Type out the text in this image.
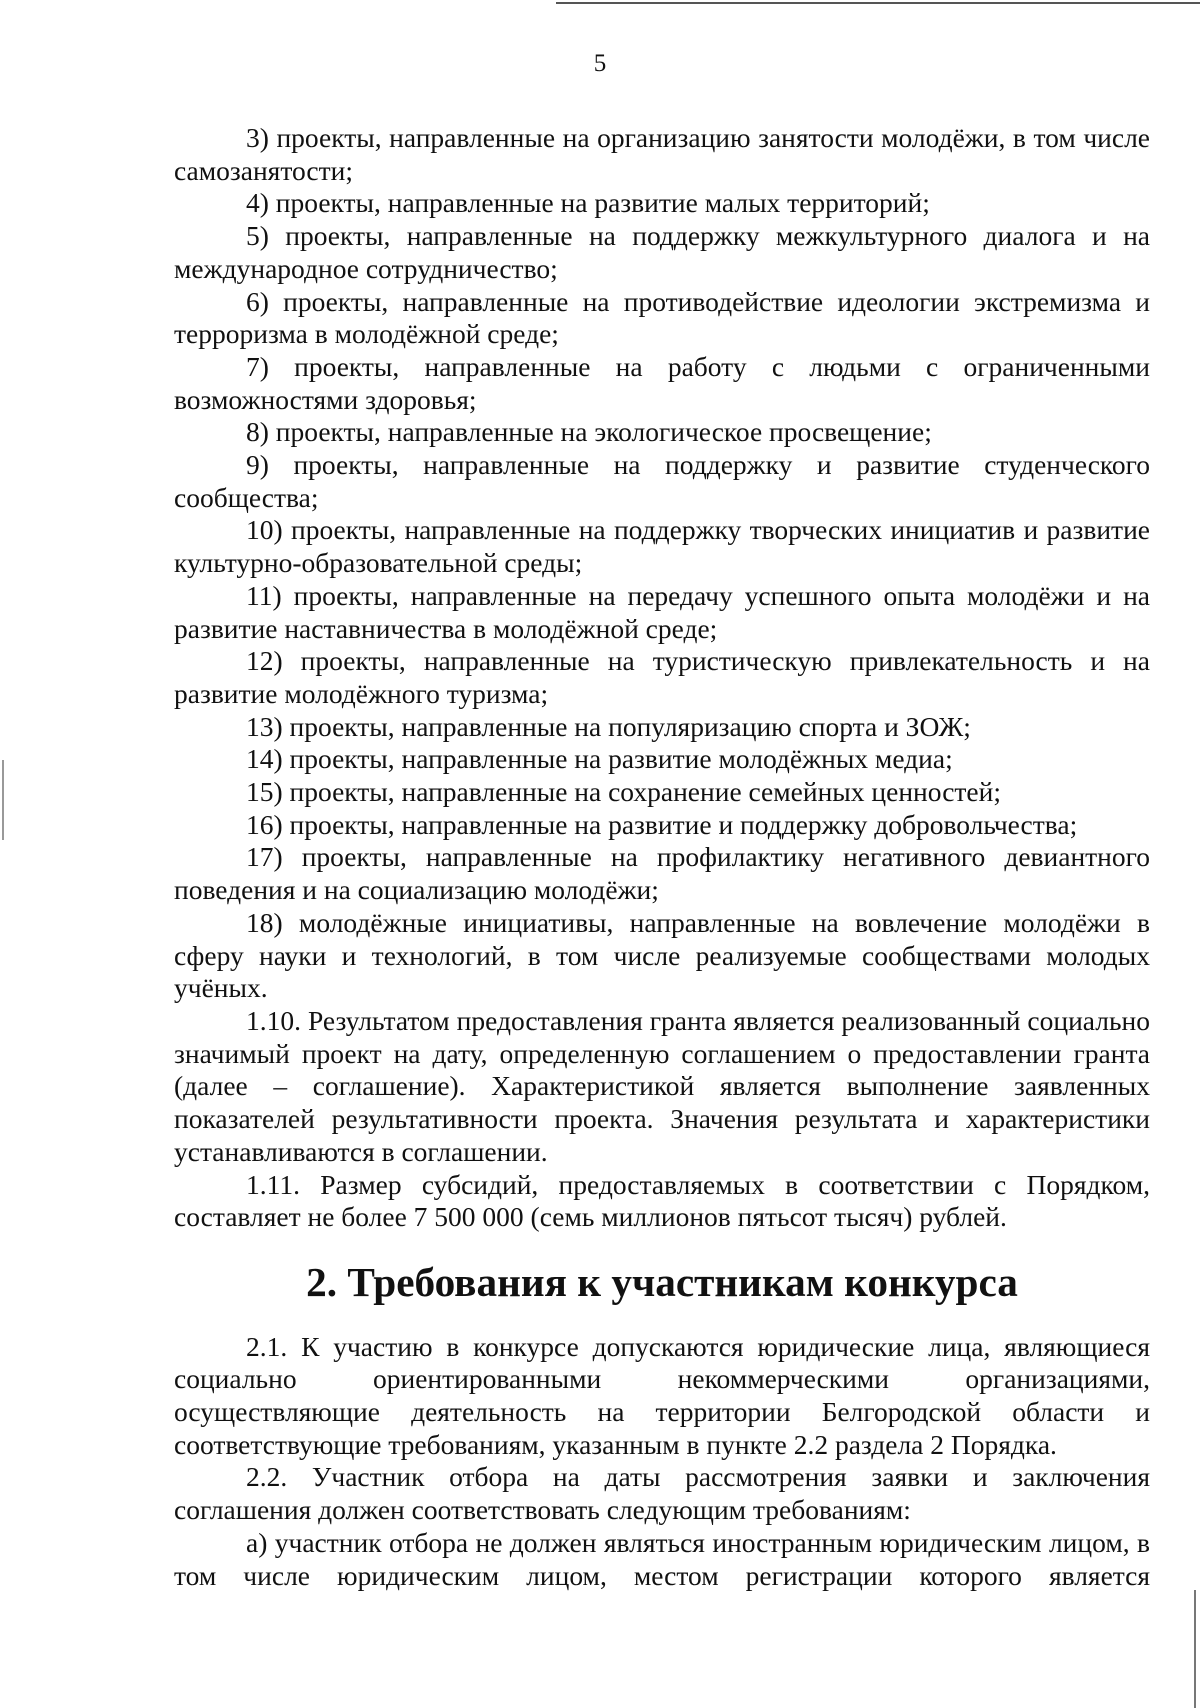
5

3) проекты, направленные на организацию занятости молодёжи, в том числе самозанятости;

4) проекты, направленные на развитие малых территорий;

5) проекты, направленные на поддержку межкультурного диалога и на международное сотрудничество;

6) проекты, направленные на противодействие идеологии экстремизма и терроризма в молодёжной среде;

7) проекты, направленные на работу с людьми с ограниченными возможностями здоровья;

8) проекты, направленные на экологическое просвещение;

9) проекты, направленные на поддержку и развитие студенческого сообщества;

10) проекты, направленные на поддержку творческих инициатив и развитие культурно-образовательной среды;

11) проекты, направленные на передачу успешного опыта молодёжи и на развитие наставничества в молодёжной среде;

12) проекты, направленные на туристическую привлекательность и на развитие молодёжного туризма;

13) проекты, направленные на популяризацию спорта и ЗОЖ;

14) проекты, направленные на развитие молодёжных медиа;

15) проекты, направленные на сохранение семейных ценностей;

16) проекты, направленные на развитие и поддержку добровольчества;

17) проекты, направленные на профилактику негативного девиантного поведения и на социализацию молодёжи;

18) молодёжные инициативы, направленные на вовлечение молодёжи в сферу науки и технологий, в том числе реализуемые сообществами молодых учёных.

1.10. Результатом предоставления гранта является реализованный социально значимый проект на дату, определенную соглашением о предоставлении гранта (далее – соглашение). Характеристикой является выполнение заявленных показателей результативности проекта. Значения результата и характеристики устанавливаются в соглашении.

1.11. Размер субсидий, предоставляемых в соответствии с Порядком, составляет не более 7 500 000 (семь миллионов пятьсот тысяч) рублей.

2. Требования к участникам конкурса

2.1. К участию в конкурсе допускаются юридические лица, являющиеся социально ориентированными некоммерческими организациями, осуществляющие деятельность на территории Белгородской области и соответствующие требованиям, указанным в пункте 2.2 раздела 2 Порядка.

2.2. Участник отбора на даты рассмотрения заявки и заключения соглашения должен соответствовать следующим требованиям:

а) участник отбора не должен являться иностранным юридическим лицом, в том числе юридическим лицом, местом регистрации которого является
